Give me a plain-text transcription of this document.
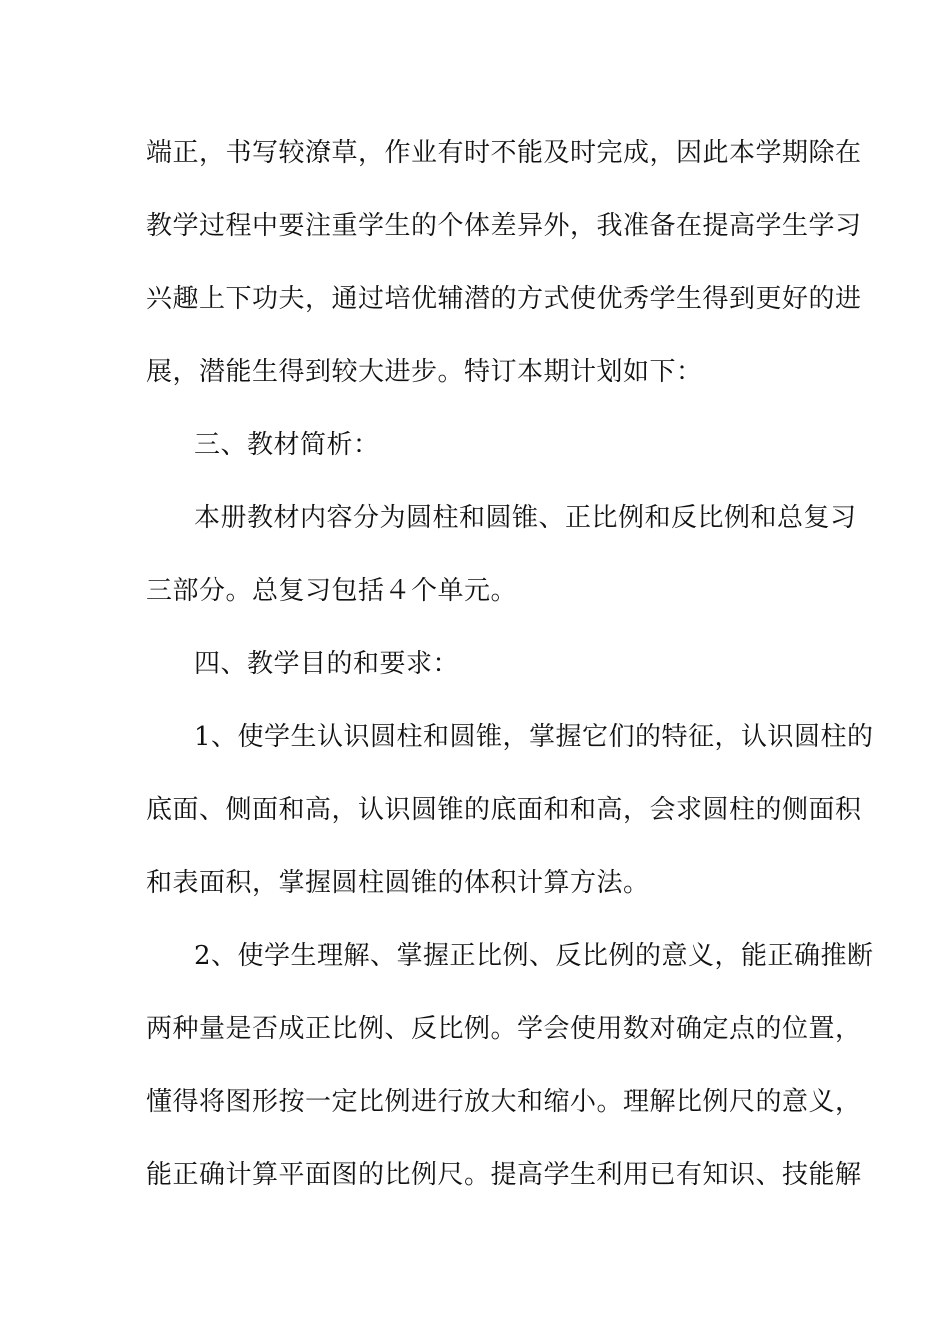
端正，书写较潦草，作业有时不能及时完成，因此本学期除在
教学过程中要注重学生的个体差异外，我准备在提高学生学习
兴趣上下功夫，通过培优辅潜的方式使优秀学生得到更好的进
展，潜能生得到较大进步。特订本期计划如下：
三、教材简析：
本册教材内容分为圆柱和圆锥、正比例和反比例和总复习
三部分。总复习包括４个单元。
四、教学目的和要求：
1、使学生认识圆柱和圆锥，掌握它们的特征，认识圆柱的
底面、侧面和高，认识圆锥的底面和和高，会求圆柱的侧面积
和表面积，掌握圆柱圆锥的体积计算方法。
2、使学生理解、掌握正比例、反比例的意义，能正确推断
两种量是否成正比例、反比例。学会使用数对确定点的位置，
懂得将图形按一定比例进行放大和缩小。理解比例尺的意义，
能正确计算平面图的比例尺。提高学生利用已有知识、技能解
